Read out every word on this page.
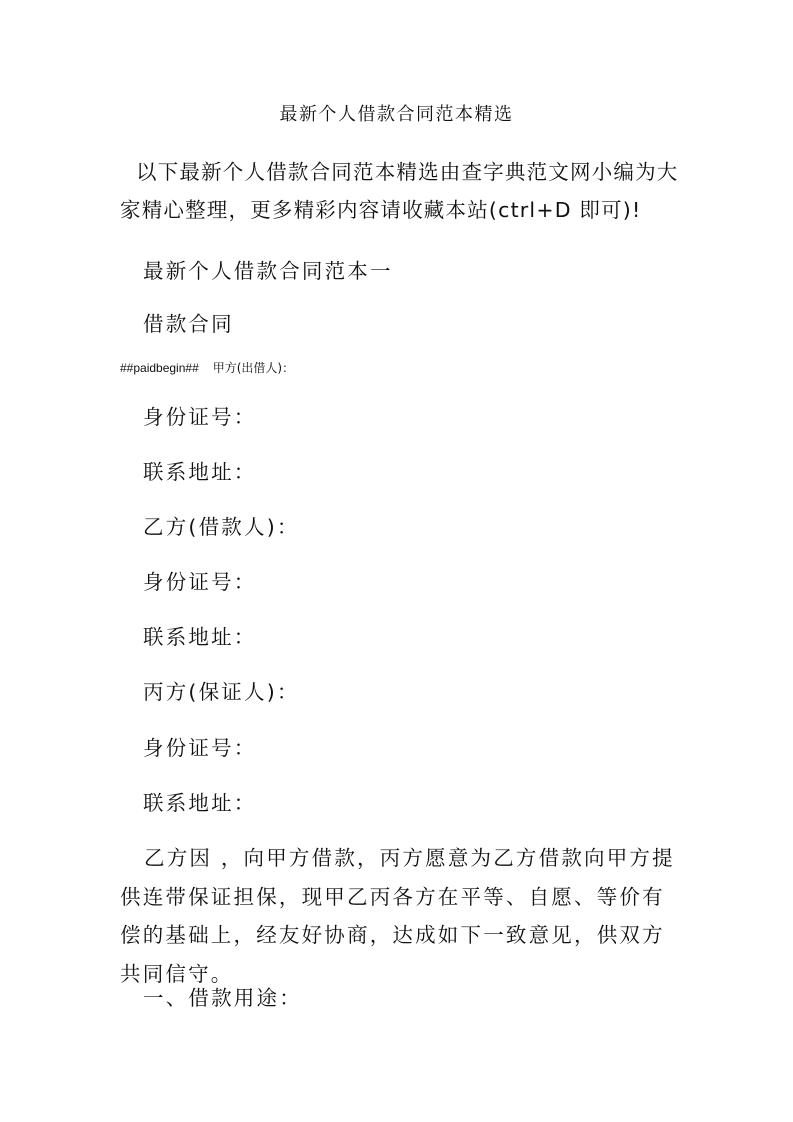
最新个人借款合同范本精选
以下最新个人借款合同范本精选由查字典范文网小编为大家精心整理，更多精彩内容请收藏本站(ctrl+D 即可)!
最新个人借款合同范本一
借款合同
##paidbegin## 甲方(出借人)：
身份证号：
联系地址：
乙方(借款人)：
身份证号：
联系地址：
丙方(保证人)：
身份证号：
联系地址：
乙方因 ，向甲方借款，丙方愿意为乙方借款向甲方提供连带保证担保，现甲乙丙各方在平等、自愿、等价有偿的基础上，经友好协商，达成如下一致意见，供双方共同信守。
一、借款用途：
